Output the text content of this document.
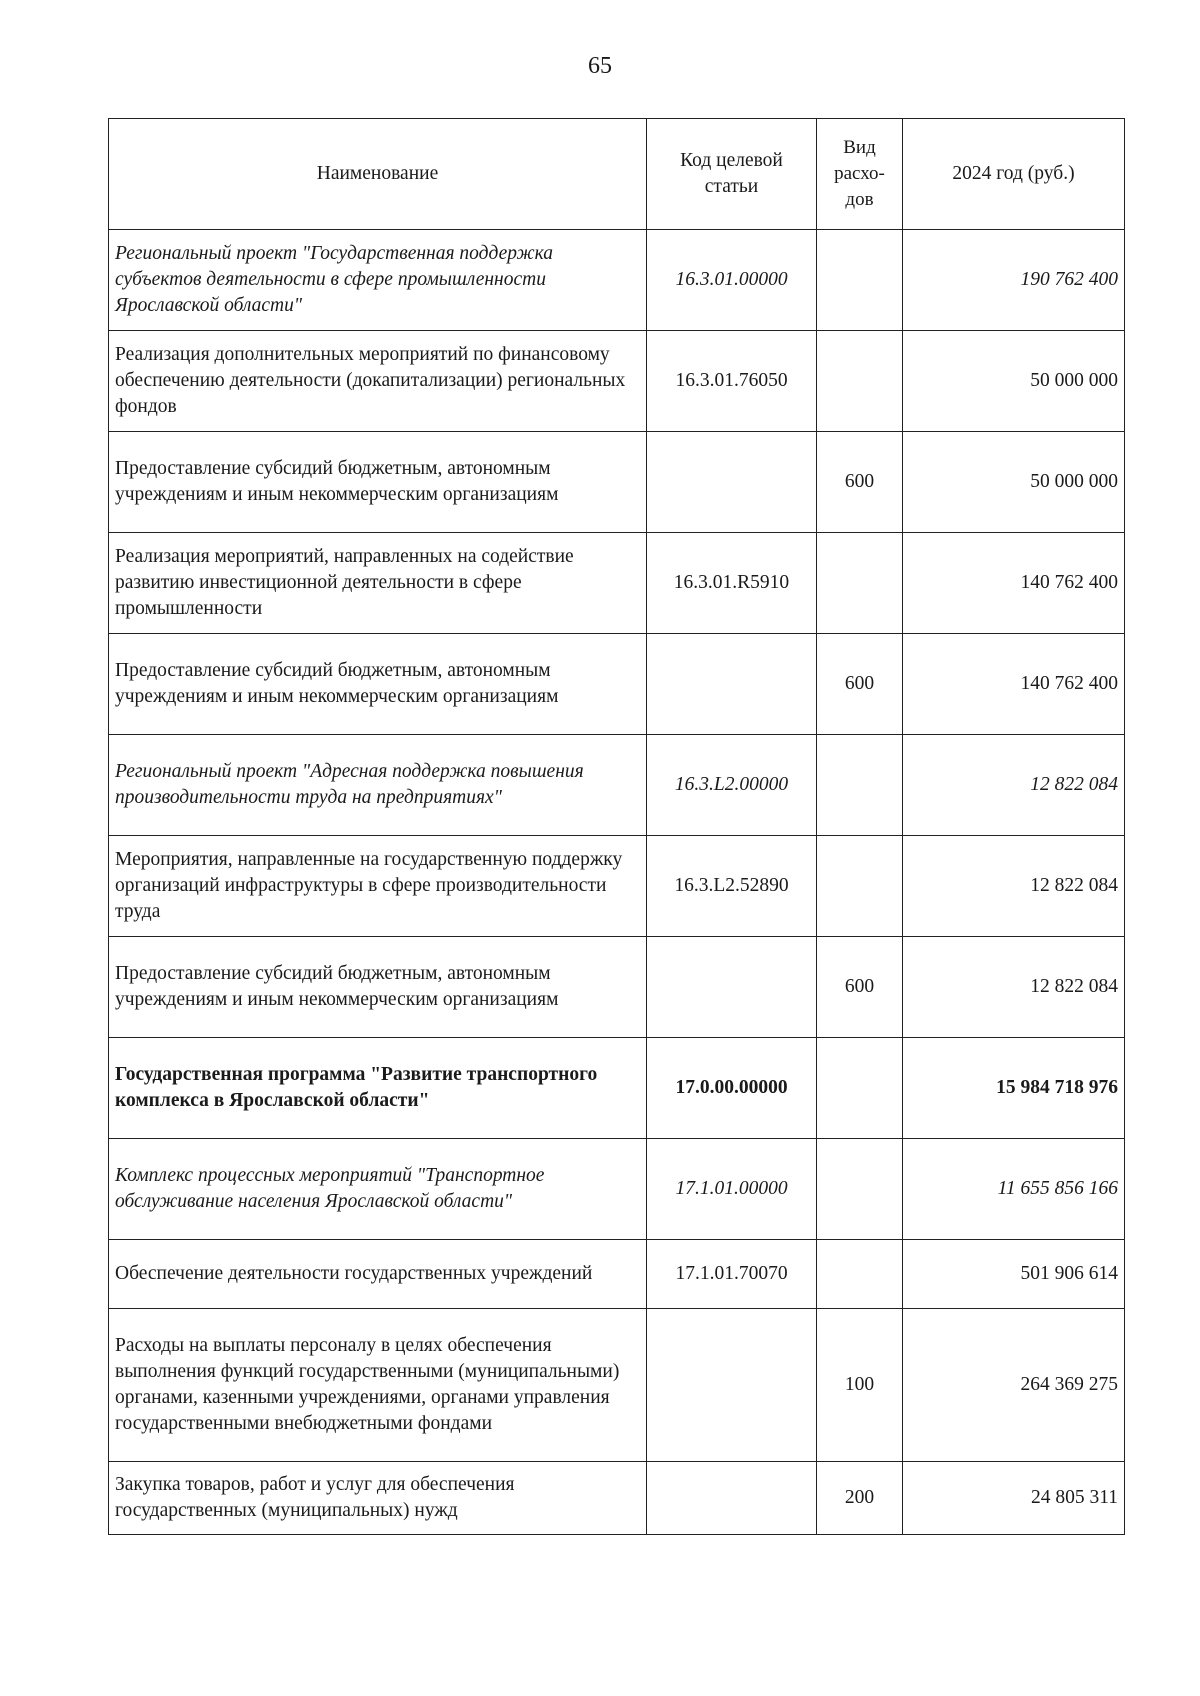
65
Наименование	Код целевой статьи	Вид расхо-дов	2024 год (руб.)
Региональный проект "Государственная поддержка субъектов деятельности в сфере промышленности Ярославской области"	16.3.01.00000		190 762 400
Реализация дополнительных мероприятий по финансовому обеспечению деятельности (докапитализации) региональных фондов	16.3.01.76050		50 000 000
Предоставление субсидий бюджетным, автономным учреждениям и иным некоммерческим организациям		600	50 000 000
Реализация мероприятий, направленных на содействие развитию инвестиционной деятельности в сфере промышленности	16.3.01.R5910		140 762 400
Предоставление субсидий бюджетным, автономным учреждениям и иным некоммерческим организациям		600	140 762 400
Региональный проект "Адресная поддержка повышения производительности труда на предприятиях"	16.3.L2.00000		12 822 084
Мероприятия, направленные на государственную поддержку организаций инфраструктуры в сфере производительности труда	16.3.L2.52890		12 822 084
Предоставление субсидий бюджетным, автономным учреждениям и иным некоммерческим организациям		600	12 822 084
Государственная программа "Развитие транспортного комплекса в Ярославской области"	17.0.00.00000		15 984 718 976
Комплекс процессных мероприятий "Транспортное обслуживание населения Ярославской области"	17.1.01.00000		11 655 856 166
Обеспечение деятельности государственных учреждений	17.1.01.70070		501 906 614
Расходы на выплаты персоналу в целях обеспечения выполнения функций государственными (муниципальными) органами, казенными учреждениями, органами управления государственными внебюджетными фондами		100	264 369 275
Закупка товаров, работ и услуг для обеспечения государственных (муниципальных) нужд		200	24 805 311
